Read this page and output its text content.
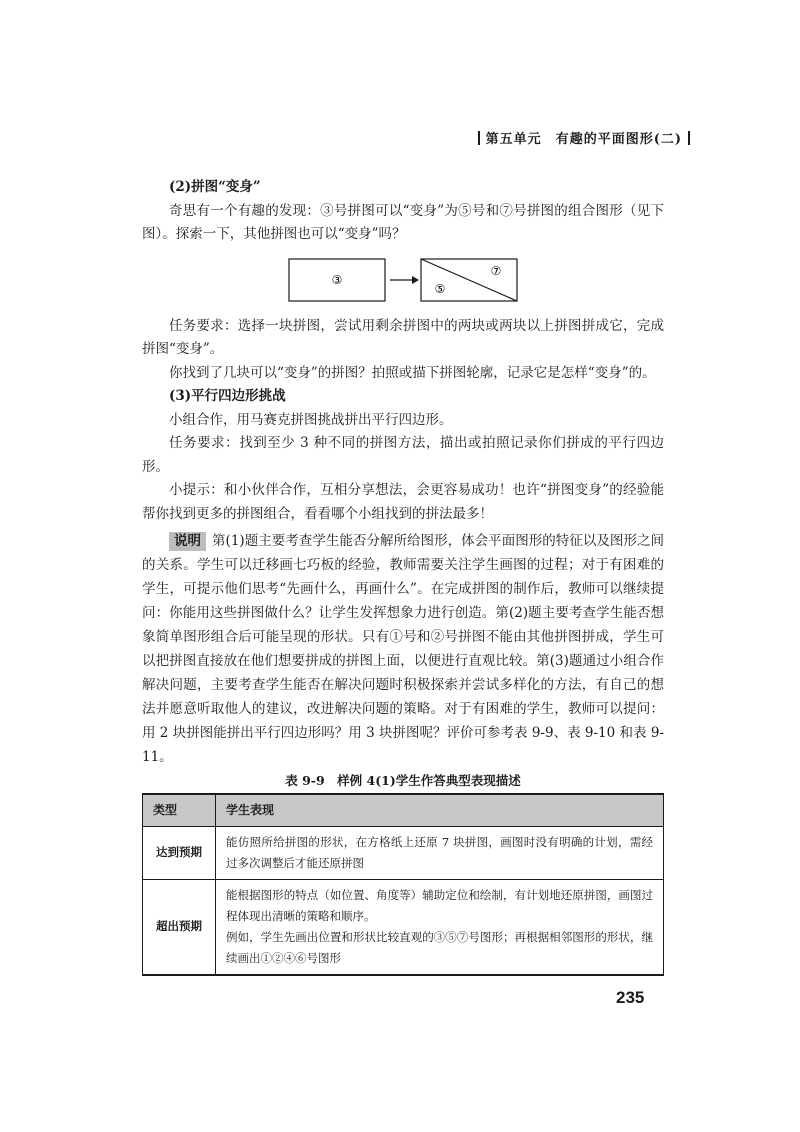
第五单元　 有趣的平面图形(二)

(2)拼图“变身”

奇思有一个有趣的发现：③号拼图可以“变身”为⑤号和⑦号拼图的组合图形（见下图）。探索一下，其他拼图也可以“变身”吗？

③
⑦
⑤

任务要求：选择一块拼图，尝试用剩余拼图中的两块或两块以上拼图拼成它，完成拼图“变身”。

你找到了几块可以“变身”的拼图？拍照或描下拼图轮廓，记录它是怎样“变身”的。

(3)平行四边形挑战

小组合作，用马赛克拼图挑战拼出平行四边形。

任务要求：找到至少 3 种不同的拼图方法，描出或拍照记录你们拼成的平行四边形。

小提示：和小伙伴合作，互相分享想法，会更容易成功！也许“拼图变身”的经验能帮你找到更多的拼图组合，看看哪个小组找到的拼法最多！

说明 第(1)题主要考查学生能否分解所给图形，体会平面图形的特征以及图形之间的关系。学生可以迁移画七巧板的经验，教师需要关注学生画图的过程；对于有困难的学生，可提示他们思考“先画什么，再画什么”。在完成拼图的制作后，教师可以继续提问：你能用这些拼图做什么？让学生发挥想象力进行创造。第(2)题主要考查学生能否想象简单图形组合后可能呈现的形状。只有①号和②号拼图不能由其他拼图拼成，学生可以把拼图直接放在他们想要拼成的拼图上面，以便进行直观比较。第(3)题通过小组合作解决问题，主要考查学生能否在解决问题时积极探索并尝试多样化的方法，有自己的想法并愿意听取他人的建议，改进解决问题的策略。对于有困难的学生，教师可以提问：用 2 块拼图能拼出平行四边形吗？用 3 块拼图呢？评价可参考表 9-9、表 9-10 和表 9-11。

表 9-9　样例 4(1)学生作答典型表现描述

类型	学生表现
达到预期	能仿照所给拼图的形状，在方格纸上还原 7 块拼图，画图时没有明确的计划，需经过多次调整后才能还原拼图

超出预期	能根据图形的特点（如位置、角度等）辅助定位和绘制，有计划地还原拼图，画图过程体现出清晰的策略和顺序。

例如，学生先画出位置和形状比较直观的③⑤⑦号图形；再根据相邻图形的形状，继续画出①②④⑥号图形

235
